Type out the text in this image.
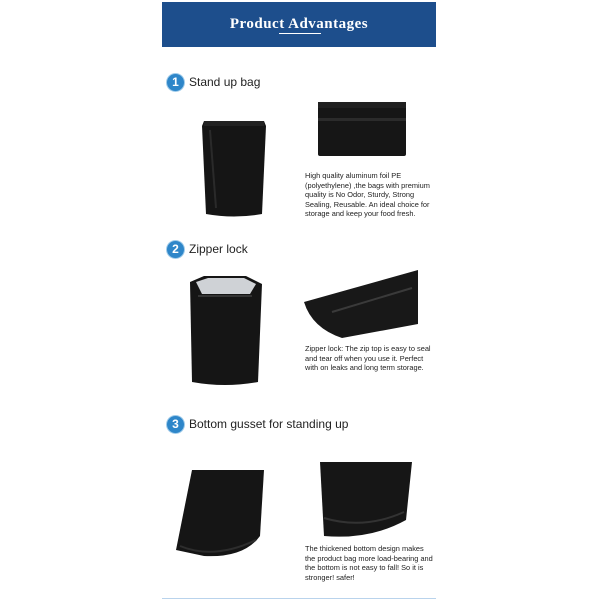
Product Advantages
1 Stand up bag
High quality aluminum foil PE (polyethylene) ,the bags with premium quality is No Odor, Sturdy, Strong Sealing, Reusable. An ideal choice for storage and keep your food fresh.
2 Zipper lock
Zipper lock: The zip top is easy to seal and tear off when you use it. Perfect with on leaks and long term storage.
3 Bottom gusset for standing up
The thickened bottom design makes the product bag more load-bearing and the bottom is not easy to fall! So it is stronger! safer!
